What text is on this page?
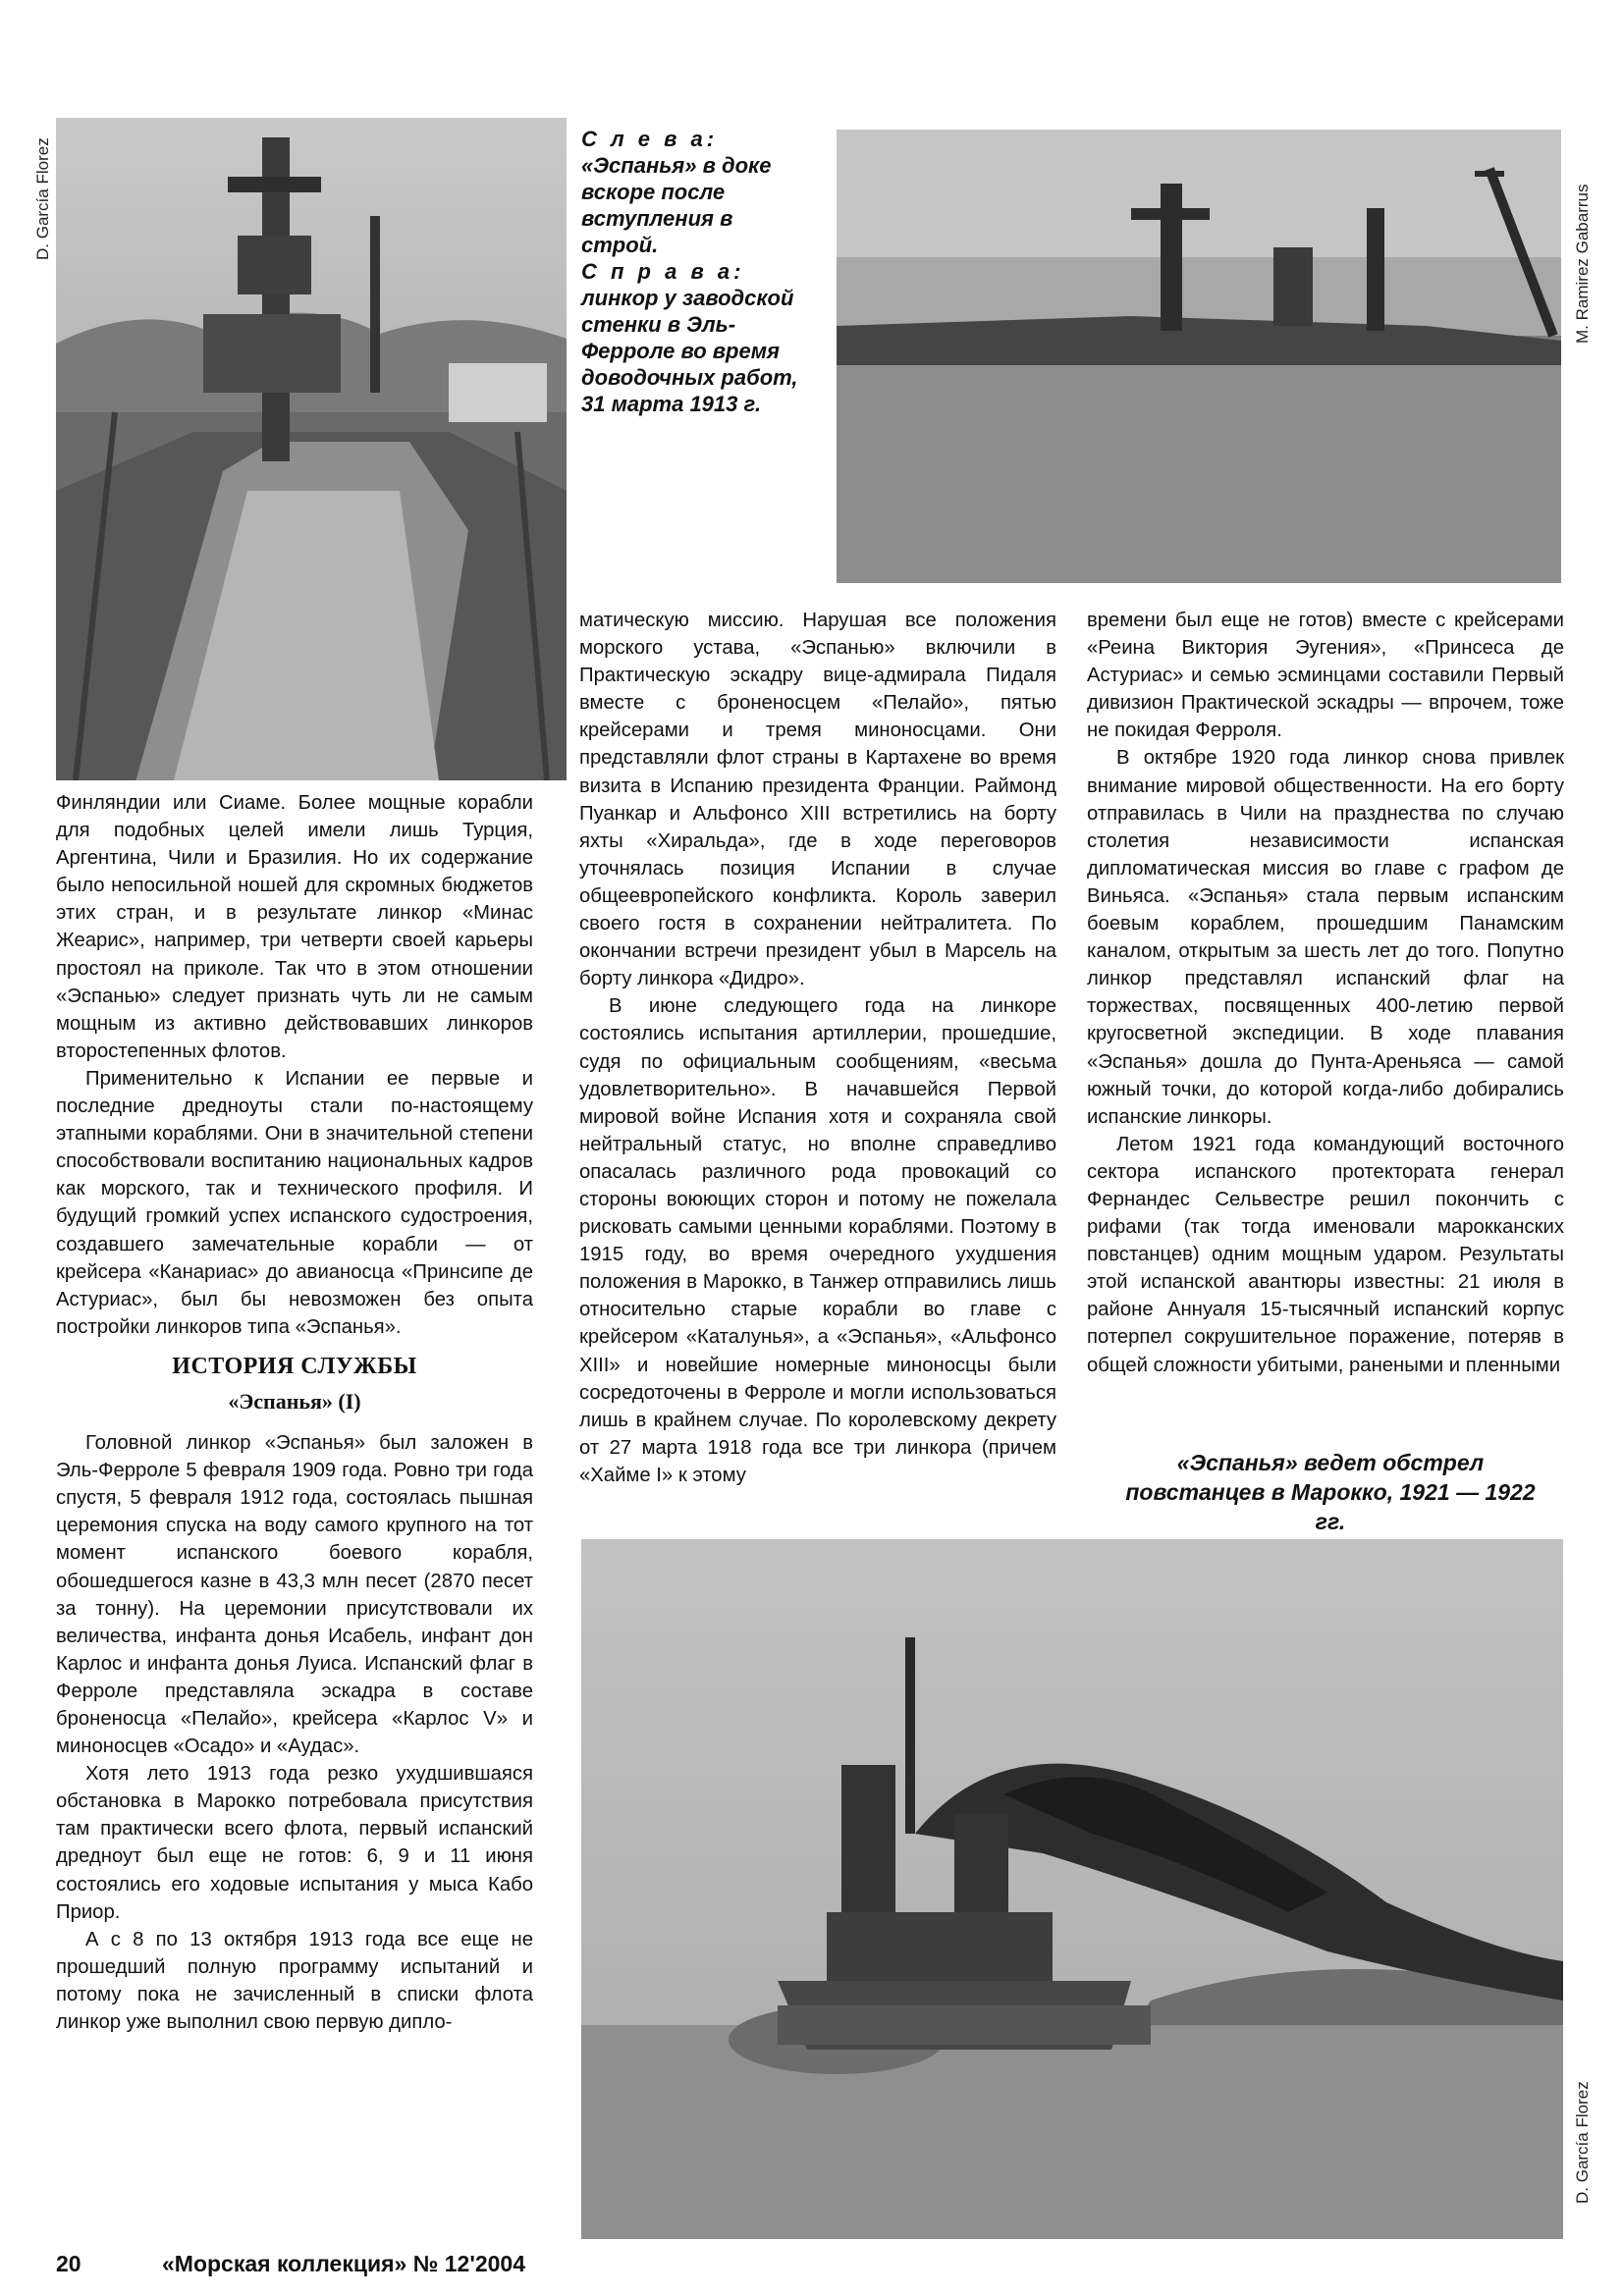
D. García Florez	С л е в а:

«Эспанья» в доке вскоре после вступления в строй.

С п р а в а:

линкор у заводской стенки в Эль-Ферроле во время доводочных работ, 31 марта 1913 г.

M. Ramirez Gabarrus

Финляндии или Сиаме. Более мощные корабли для подобных целей имели лишь Турция, Аргентина, Чили и Бразилия. Но их содержание было непосильной ношей для скромных бюджетов этих стран, и в результате линкор «Минас Жеарис», например, три четверти своей карьеры простоял на приколе. Так что в этом отношении «Эспанью» следует признать чуть ли не самым мощным из активно действовавших линкоров второстепенных флотов.

Применительно к Испании ее первые и последние дредноуты стали по-настоящему этапными кораблями. Они в значительной степени способствовали воспитанию национальных кадров как морского, так и технического профиля. И будущий громкий успех испанского судостроения, создавшего замечательные корабли — от крейсера «Канариас» до авианосца «Принсипе де Астуриас», был бы невозможен без опыта постройки линкоров типа «Эспанья».

ИСТОРИЯ СЛУЖБЫ
«Эспанья» (I)

Головной линкор «Эспанья» был заложен в Эль-Ферроле 5 февраля 1909 года. Ровно три года спустя, 5 февраля 1912 года, состоялась пышная церемония спуска на воду самого крупного на тот момент испанского боевого корабля, обошедшегося казне в 43,3 млн песет (2870 песет за тонну). На церемонии присутствовали их величества, инфанта донья Исабель, инфант дон Карлос и инфанта донья Луиса. Испанский флаг в Ферроле представляла эскадра в составе броненосца «Пелайо», крейсера «Карлос V» и миноносцев «Осадо» и «Аудас».

Хотя лето 1913 года резко ухудшившаяся обстановка в Марокко потребовала присутствия там практически всего флота, первый испанский дредноут был еще не готов: 6, 9 и 11 июня состоялись его ходовые испытания у мыса Кабо Приор.

А с 8 по 13 октября 1913 года все еще не прошедший полную программу испытаний и потому пока не зачисленный в списки флота линкор уже выполнил свою первую дипло-

матическую миссию. Нарушая все положения морского устава, «Эспанью» включили в Практическую эскадру вице-адмирала Пидаля вместе с броненосцем «Пелайо», пятью крейсерами и тремя миноносцами. Они представляли флот страны в Картахене во время визита в Испанию президента Франции. Раймонд Пуанкар и Альфонсо XIII встретились на борту яхты «Хиральда», где в ходе переговоров уточнялась позиция Испании в случае общеевропейского конфликта. Король заверил своего гостя в сохранении нейтралитета. По окончании встречи президент убыл в Марсель на борту линкора «Дидро».

В июне следующего года на линкоре состоялись испытания артиллерии, прошедшие, судя по официальным сообщениям, «весьма удовлетворительно». В начавшейся Первой мировой войне Испания хотя и сохраняла свой нейтральный статус, но вполне справедливо опасалась различного рода провокаций со стороны воюющих сторон и потому не пожелала рисковать самыми ценными кораблями. Поэтому в 1915 году, во время очередного ухудшения положения в Марокко, в Танжер отправились лишь относительно старые корабли во главе с крейсером «Каталунья», а «Эспанья», «Альфонсо XIII» и новейшие номерные миноносцы были сосредоточены в Ферроле и могли использоваться лишь в крайнем случае. По королевскому декрету от 27 марта 1918 года все три линкора (причем «Хайме I» к этому

времени был еще не готов) вместе с крейсерами «Реина Виктория Эугения», «Принсеса де Астуриас» и семью эсминцами составили Первый дивизион Практической эскадры — впрочем, тоже не покидая Ферроля.

В октябре 1920 года линкор снова привлек внимание мировой общественности. На его борту отправилась в Чили на празднества по случаю столетия независимости испанская дипломатическая миссия во главе с графом де Виньяса. «Эспанья» стала первым испанским боевым кораблем, прошедшим Панамским каналом, открытым за шесть лет до того. Попутно линкор представлял испанский флаг на торжествах, посвященных 400-летию первой кругосветной экспедиции. В ходе плавания «Эспанья» дошла до Пунта-Ареньяса — самой южный точки, до которой когда-либо добирались испанские линкоры.

Летом 1921 года командующий восточного сектора испанского протектората генерал Фернандес Сельвестре решил покончить с рифами (так тогда именовали марокканских повстанцев) одним мощным ударом. Результаты этой испанской авантюры известны: 21 июля в районе Аннуаля 15-тысячный испанский корпус потерпел сокрушительное поражение, потеряв в общей сложности убитыми, ранеными и пленными

«Эспанья» ведет обстрел повстанцев в Марокко, 1921 — 1922 гг.

D. García Florez
20	«Морская коллекция» № 12'2004
